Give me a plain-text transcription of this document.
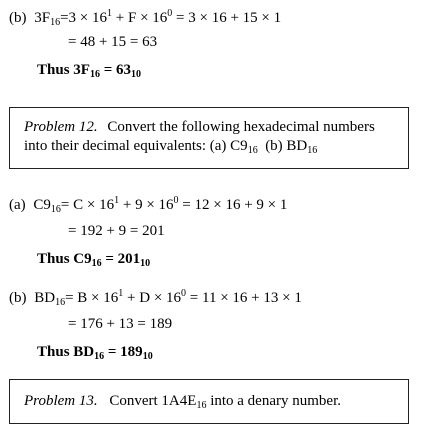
(b) $3F_{16}=3 \times 16^1 + F \times 16^0 = 3 \times 16 + 15 \times 1$
= 48 + 15 = 63
Thus $3F_{16} = 63_{10}$
Problem 12. Convert the following hexadecimal numbers
into their decimal equivalents: (a) $C9_{16}$  (b) $BD_{16}$
(a) $C9_{16}= C \times 16^1 + 9 \times 16^0 = 12 \times 16 + 9 \times 1$
= 192 + 9 = 201
Thus $C9_{16} = 201_{10}$
(b) $BD_{16}= B \times 16^1 + D \times 16^0 = 11 \times 16 + 13 \times 1$
= 176 + 13 = 189
Thus $BD_{16} = 189_{10}$
Problem 13. Convert $1A4E_{16}$ into a denary number.
